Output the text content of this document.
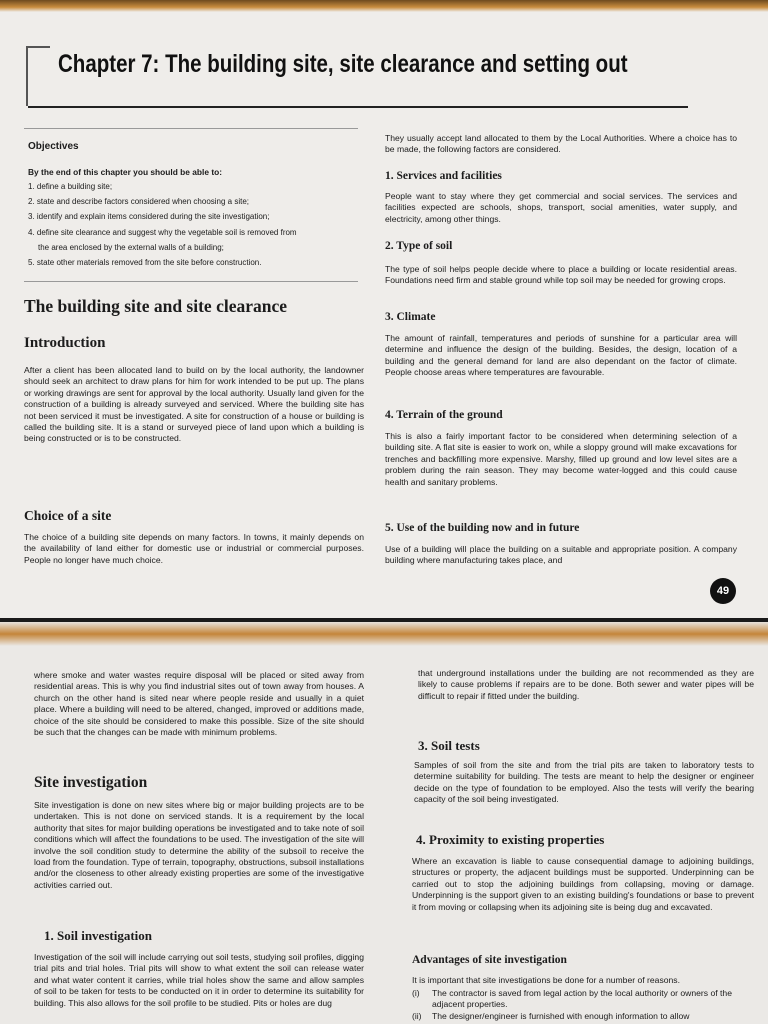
Chapter 7: The building site, site clearance and setting out
Objectives
By the end of this chapter you should be able to:
1. define a building site;
2. state and describe factors considered when choosing a site;
3. identify and explain items considered during the site investigation;
4. define site clearance and suggest why the vegetable soil is removed from
the area enclosed by the external walls of a building;
5. state other materials removed from the site before construction.
The building site and site clearance
Introduction

After a client has been allocated land to build on by the local authority, the landowner should seek an architect to draw plans for him for work intended to be put up. The plans or working drawings are sent for approval by the local authority. Usually land given for the construction of a building is already surveyed and serviced. Where the building site has not been serviced it must be investigated. A site for construction of a house or building is called the building site. It is a stand or surveyed piece of land upon which a building is being constructed or is to be constructed.

Choice of a site

The choice of a building site depends on many factors. In towns, it mainly depends on the availability of land either for domestic use or industrial or commercial purposes. People no longer have much choice.

They usually accept land allocated to them by the Local Authorities. Where a choice has to be made, the following factors are considered.

1. Services and facilities

People want to stay where they get commercial and social services. The services and facilities expected are schools, shops, transport, social amenities, water supply, and electricity, among other things.

2. Type of soil

The type of soil helps people decide where to place a building or locate residential areas. Foundations need firm and stable ground while top soil may be needed for growing crops.

3. Climate

The amount of rainfall, temperatures and periods of sunshine for a particular area will determine and influence the design of the building. Besides, the design, location of a building and the general demand for land are also dependant on the factor of climate. People choose areas where temperatures are favourable.

4. Terrain of the ground

This is also a fairly important factor to be considered when determining selection of a building site. A flat site is easier to work on, while a sloppy ground will make excavations for trenches and backfilling more expensive. Marshy, filled up ground and low level sites are a problem during the rain season. They may become water-logged and this could cause health and sanitary problems.

5. Use of the building now and in future

Use of a building will place the building on a suitable and appropriate position. A company building where manufacturing takes place, and

49

where smoke and water wastes require disposal will be placed or sited away from residential areas. This is why you find industrial sites out of town away from houses. A church on the other hand is sited near where people reside and usually in a quiet place. Where a building will need to be altered, changed, improved or additions made, choice of the site should be considered to make this possible. Size of the site should be such that the changes can be made with minimum problems.

Site investigation

Site investigation is done on new sites where big or major building projects are to be undertaken. This is not done on serviced stands. It is a requirement by the local authority that sites for major building operations be investigated and to take note of soil conditions which will affect the foundations to be used. The investigation of the site will involve the soil condition study to determine the ability of the subsoil to receive the load from the foundation. Type of terrain, topography, obstructions, subsoil installations and/or the closeness to other already existing properties are some of the investigative activities carried out.

1. Soil investigation

Investigation of the soil will include carrying out soil tests, studying soil profiles, digging trial pits and trial holes. Trial pits will show to what extent the soil can release water and what water content it carries, while trial holes show the same and allow samples of soil to be taken for tests to be conducted on it in order to determine its suitability for building. This also allows for the soil profile to be studied. Pits or holes are dug

that underground installations under the building are not recommended as they are likely to cause problems if repairs are to be done. Both sewer and water pipes will be difficult to repair if fitted under the building.

3. Soil tests

Samples of soil from the site and from the trial pits are taken to laboratory tests to determine suitability for building. The tests are meant to help the designer or engineer decide on the type of foundation to be employed. Also the tests will verify the bearing capacity of the soil being investigated.

4. Proximity to existing properties

Where an excavation is liable to cause consequential damage to adjoining buildings, structures or property, the adjacent buildings must be supported. Underpinning can be carried out to stop the adjoining buildings from collapsing, moving or damage. Underpinning is the support given to an existing building's foundations or base to prevent it from moving or collapsing when its adjoining site is being dug and excavated.

Advantages of site investigation

It is important that site investigations be done for a number of reasons.

(i) The contractor is saved from legal action by the local authority or owners of the adjacent properties.
(ii) The designer/engineer is furnished with enough information to allow
